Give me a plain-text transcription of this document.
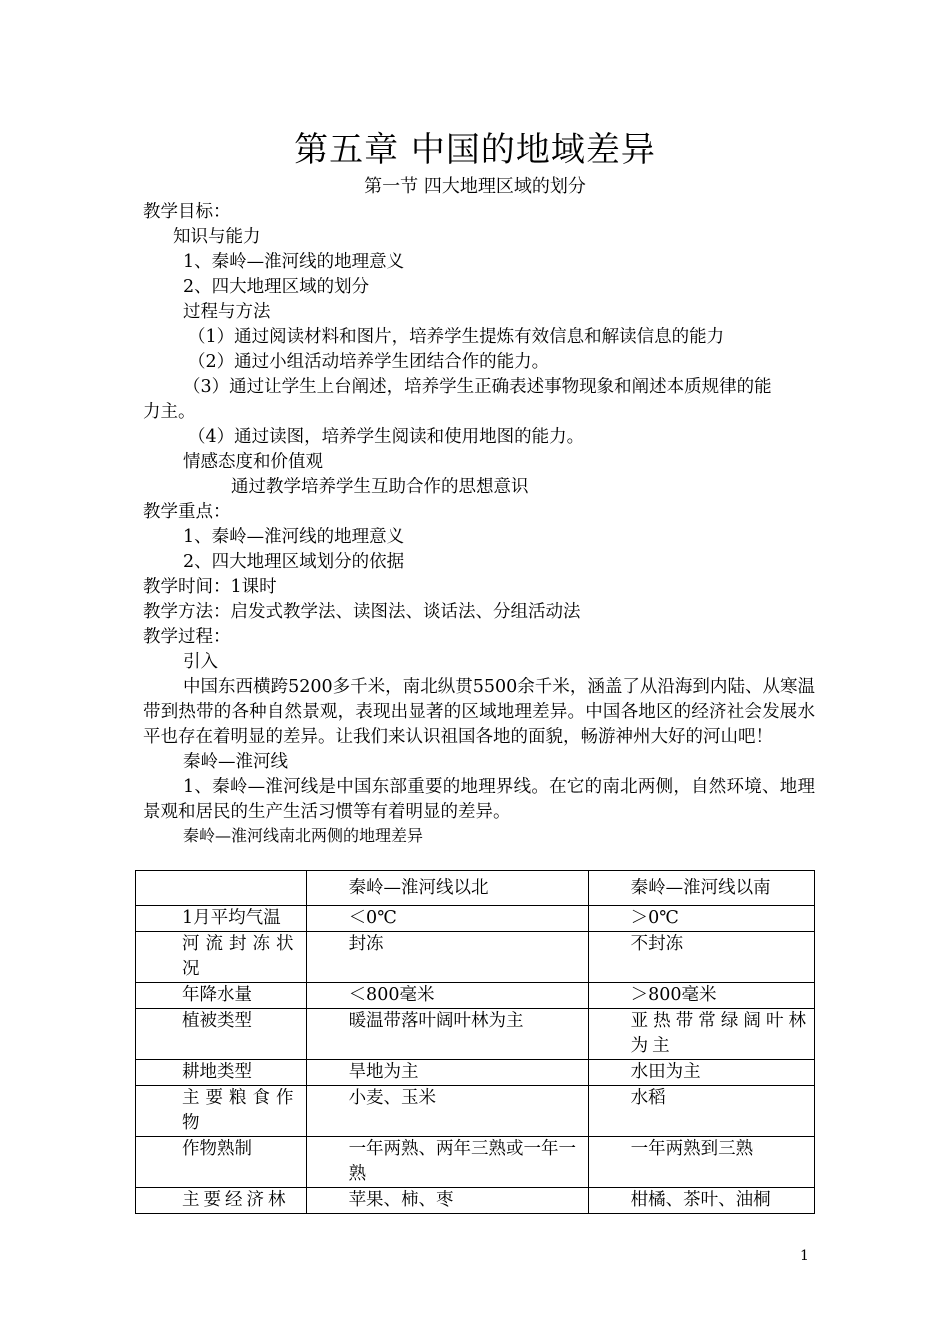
第五章 中国的地域差异
第一节 四大地理区域的划分

教学目标：

知识与能力

1、秦岭—淮河线的地理意义

2、四大地理区域的划分

过程与方法

（1）通过阅读材料和图片，培养学生提炼有效信息和解读信息的能力

（2）通过小组活动培养学生团结合作的能力。

（3）通过让学生上台阐述，培养学生正确表述事物现象和阐述本质规律的能

力主。

（4）通过读图，培养学生阅读和使用地图的能力。

情感态度和价值观

通过教学培养学生互助合作的思想意识

教学重点：

1、秦岭—淮河线的地理意义

2、四大地理区域划分的依据

教学时间：1课时

教学方法：启发式教学法、读图法、谈话法、分组活动法

教学过程：

引入

中国东西横跨5200多千米，南北纵贯5500余千米，涵盖了从沿海到内陆、从寒温带到热带的各种自然景观，表现出显著的区域地理差异。中国各地区的经济社会发展水平也存在着明显的差异。让我们来认识祖国各地的面貌，畅游神州大好的河山吧！

秦岭—淮河线

1、秦岭—淮河线是中国东部重要的地理界线。在它的南北两侧，自然环境、地理景观和居民的生产生活习惯等有着明显的差异。

秦岭—淮河线南北两侧的地理差异

	秦岭—淮河线以北	秦岭—淮河线以南

1月平均气温	＜0℃	＞0℃

河流封冻状况	封冻	不封冻

年降水量	＜800毫米	＞800毫米

植被类型	暖温带落叶阔叶林为主	亚热带常绿阔叶林为主

耕地类型	旱地为主	水田为主

主要粮食作物	小麦、玉米	水稻

作物熟制	一年两熟、两年三熟或一年一熟	一年两熟到三熟

主要经济林	苹果、柿、枣	柑橘、茶叶、油桐
1
